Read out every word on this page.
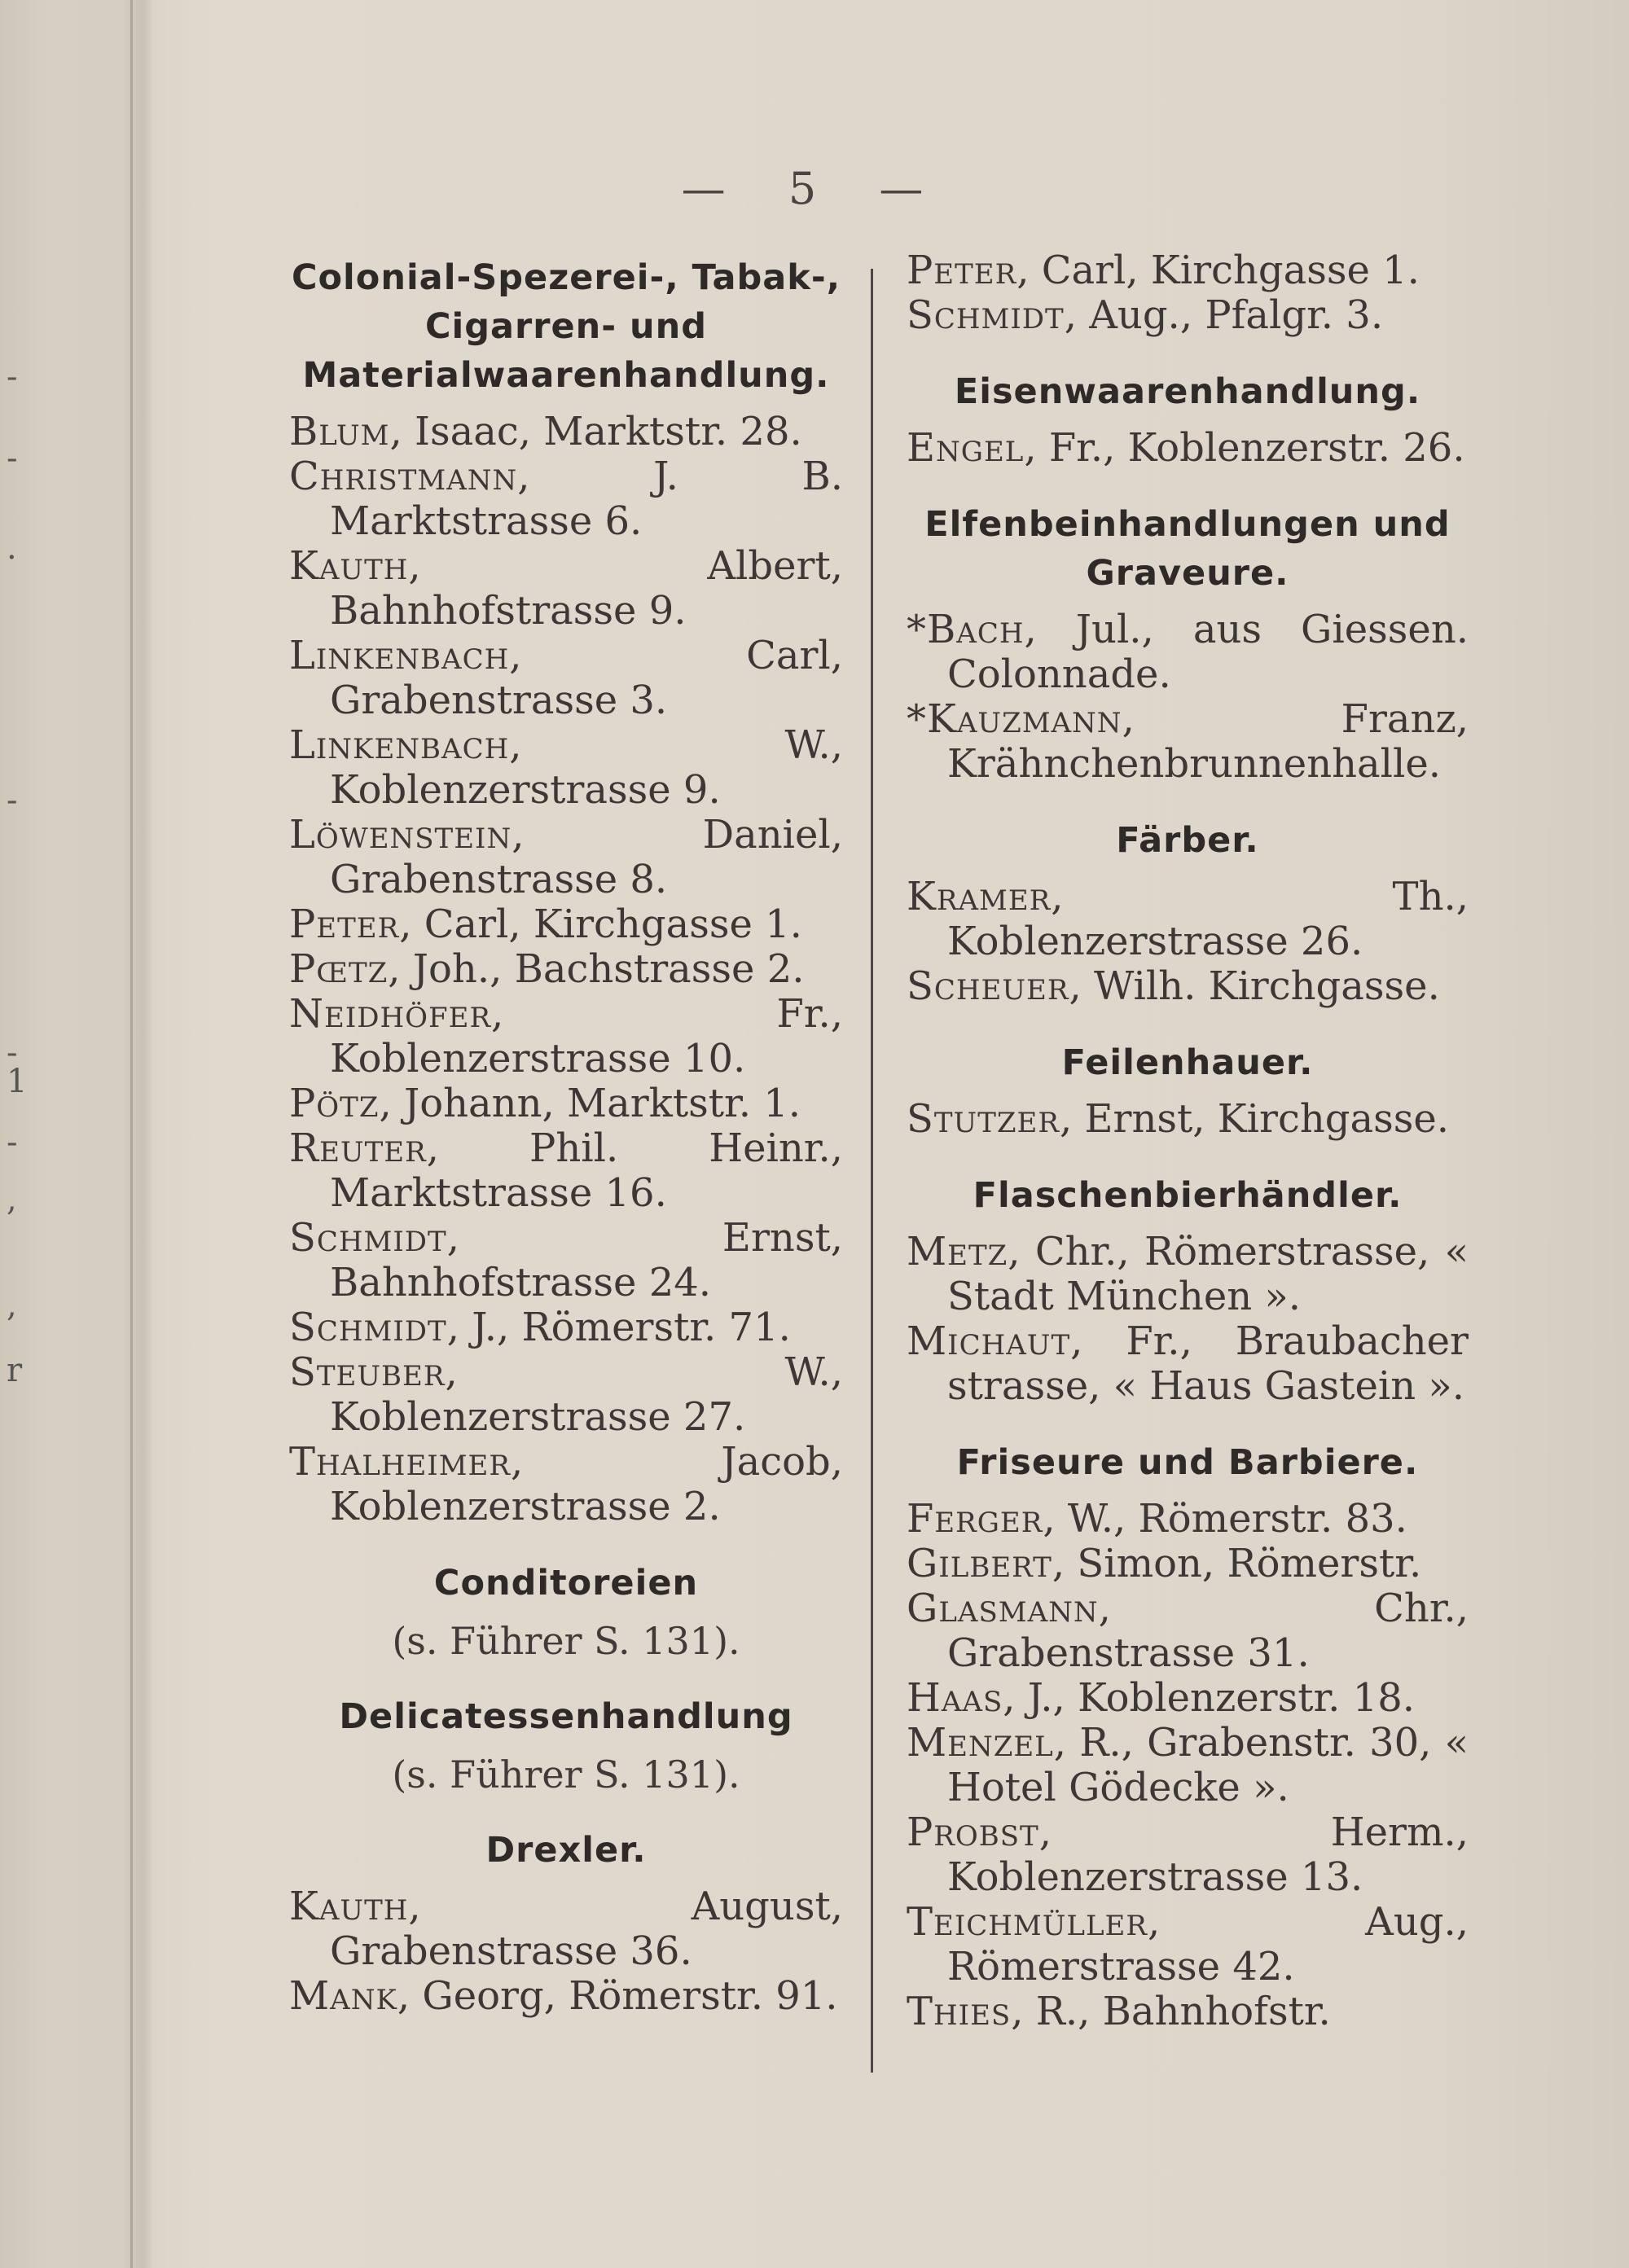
-
-
.
-
-
1
-
,
,
r
— 5 —
Colonial-Spezerei-, Tabak-, Cigarren- und Materialwaarenhandlung.
Blum, Isaac, Marktstr. 28.
Christmann, J. B. Marktstrasse 6.
Kauth, Albert, Bahnhofstrasse 9.
Linkenbach, Carl, Grabenstrasse 3.
Linkenbach, W., Koblenzerstrasse 9.
Löwenstein, Daniel, Grabenstrasse 8.
Peter, Carl, Kirchgasse 1.
Pœtz, Joh., Bachstrasse 2.
Neidhöfer, Fr., Koblenzerstrasse 10.
Pötz, Johann, Marktstr. 1.
Reuter, Phil. Heinr., Marktstrasse 16.
Schmidt, Ernst, Bahnhofstrasse 24.
Schmidt, J., Römerstr. 71.
Steuber, W., Koblenzerstrasse 27.
Thalheimer, Jacob, Koblenzerstrasse 2.
Conditoreien
(s. Führer S. 131).
Delicatessenhandlung
(s. Führer S. 131).
Drexler.
Kauth, August, Grabenstrasse 36.
Mank, Georg, Römerstr. 91.
Peter, Carl, Kirchgasse 1.
Schmidt, Aug., Pfalgr. 3.
Eisenwaarenhandlung.
Engel, Fr., Koblenzerstr. 26.
Elfenbeinhandlungen und Graveure.
*Bach, Jul., aus Giessen. Colonnade.
*Kauzmann, Franz, Krähnchenbrunnenhalle.
Färber.
Kramer, Th., Koblenzerstrasse 26.
Scheuer, Wilh. Kirchgasse.
Feilenhauer.
Stutzer, Ernst, Kirchgasse.
Flaschenbierhändler.
Metz, Chr., Römerstrasse, « Stadt München ».
Michaut, Fr., Braubacher strasse, « Haus Gastein ».
Friseure und Barbiere.
Ferger, W., Römerstr. 83.
Gilbert, Simon, Römerstr.
Glasmann, Chr., Grabenstrasse 31.
Haas, J., Koblenzerstr. 18.
Menzel, R., Grabenstr. 30, « Hotel Gödecke ».
Probst, Herm., Koblenzerstrasse 13.
Teichmüller, Aug., Römerstrasse 42.
Thies, R., Bahnhofstr.
